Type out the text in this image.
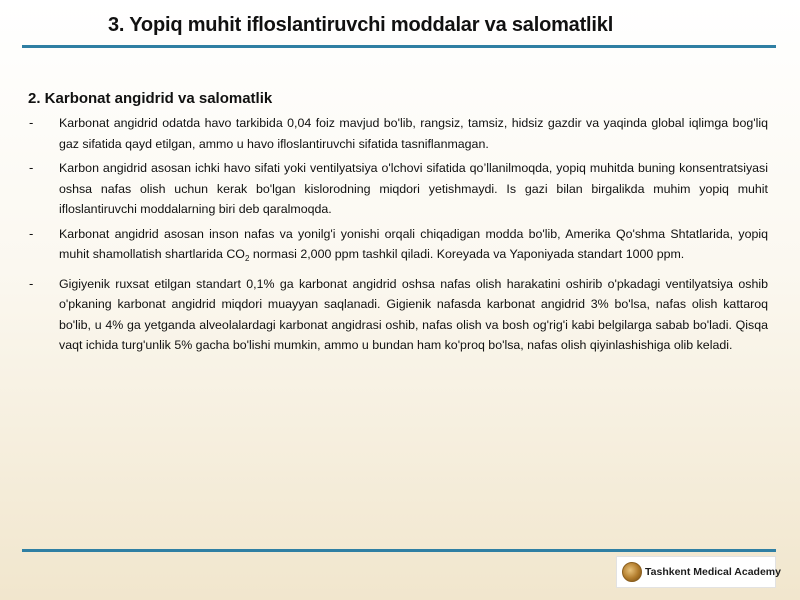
3. Yopiq muhit ifloslantiruvchi moddalar va salomatlikl
2. Karbonat angidrid va salomatlik
- Karbonat angidrid odatda havo tarkibida 0,04 foiz mavjud bo'lib, rangsiz, tamsiz, hidsiz gazdir va yaqinda global iqlimga bog'liq gaz sifatida qayd etilgan, ammo u havo ifloslantiruvchi sifatida tasniflanmagan.
- Karbon angidrid asosan ichki havo sifati yoki ventilyatsiya o'lchovi sifatida qo’llanilmoqda, yopiq muhitda buning konsentratsiyasi oshsa nafas olish uchun kerak bo'lgan kislorodning miqdori yetishmaydi. Is gazi bilan birgalikda muhim yopiq muhit ifloslantiruvchi moddalarning biri deb qaralmoqda.
- Karbonat angidrid asosan inson nafas va yonilg'i yonishi orqali chiqadigan modda bo'lib, Amerika Qo'shma Shtatlarida, yopiq muhit shamollatish shartlarida $CO_2$ normasi 2,000 ppm tashkil qiladi. Koreyada va Yaponiyada standart 1000 ppm.
- Gigiyenik ruxsat etilgan standart 0,1% ga karbonat angidrid oshsa nafas olish harakatini oshirib o'pkadagi ventilyatsiya oshib o'pkaning karbonat angidrid miqdori muayyan saqlanadi. Gigienik nafasda karbonat angidrid 3% bo'lsa, nafas olish kattaroq bo'lib, u 4% ga yetganda alveolalardagi karbonat angidrasi oshib, nafas olish va bosh og'rig'i kabi belgilarga sabab bo'ladi. Qisqa vaqt ichida turg'unlik 5% gacha bo'lishi mumkin, ammo u bundan ham ko'proq bo'lsa, nafas olish qiyinlashishiga olib keladi.
Tashkent Medical Academy
